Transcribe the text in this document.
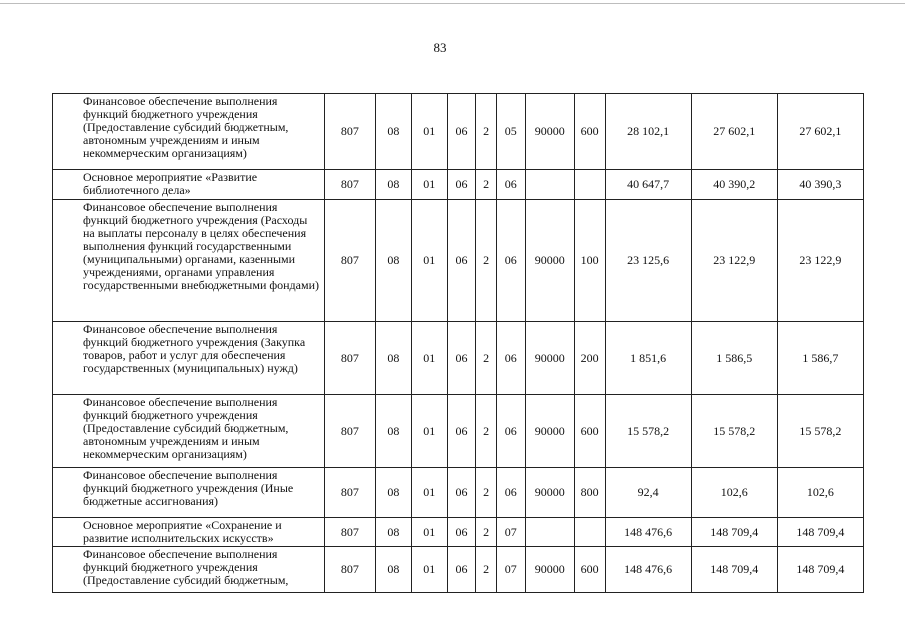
83
Финансовое обеспечение выполнения функций бюджетного учреждения (Предоставление субсидий бюджетным, автономным учреждениям и иным некоммерческим организациям)	807	08	01	06	2	05	90000	600	28 102,1	27 602,1	27 602,1
Основное мероприятие «Развитие библиотечного дела»	807	08	01	06	2	06			40 647,7	40 390,2	40 390,3
Финансовое обеспечение выполнения функций бюджетного учреждения (Расходы на выплаты персоналу в целях обеспечения выполнения функций государственными (муниципальными) органами, казенными учреждениями, органами управления государственными внебюджетными фондами)	807	08	01	06	2	06	90000	100	23 125,6	23 122,9	23 122,9
Финансовое обеспечение выполнения функций бюджетного учреждения (Закупка товаров, работ и услуг для обеспечения государственных (муниципальных) нужд)	807	08	01	06	2	06	90000	200	1 851,6	1 586,5	1 586,7
Финансовое обеспечение выполнения функций бюджетного учреждения (Предоставление субсидий бюджетным, автономным учреждениям и иным некоммерческим организациям)	807	08	01	06	2	06	90000	600	15 578,2	15 578,2	15 578,2
Финансовое обеспечение выполнения функций бюджетного учреждения (Иные бюджетные ассигнования)	807	08	01	06	2	06	90000	800	92,4	102,6	102,6
Основное мероприятие «Сохранение и развитие исполнительских искусств»	807	08	01	06	2	07			148 476,6	148 709,4	148 709,4
Финансовое обеспечение выполнения функций бюджетного учреждения (Предоставление субсидий бюджетным,	807	08	01	06	2	07	90000	600	148 476,6	148 709,4	148 709,4
